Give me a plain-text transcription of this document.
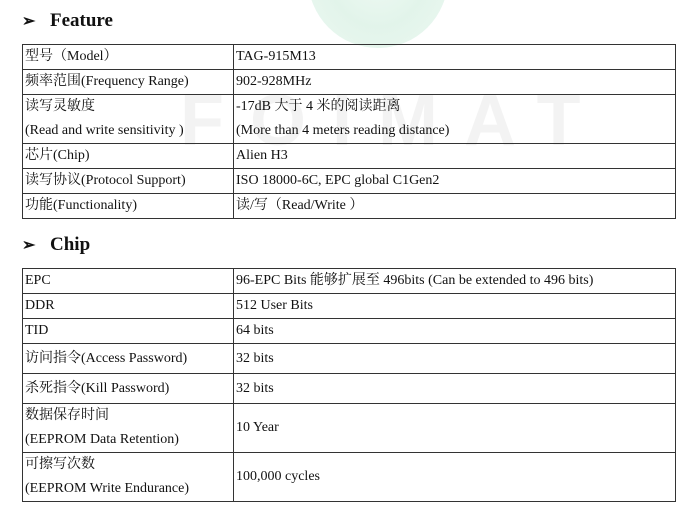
➢ Feature
型号（Model）	TAG-915M13

频率范围(Frequency Range)	902-928MHz

读写灵敏度
(Read and write sensitivity )	-17dB 大于 4 米的阅读距离
(More than 4 meters reading distance)

芯片(Chip)	Alien H3

读写协议(Protocol Support)	ISO 18000-6C, EPC global C1Gen2

功能(Functionality)	读/写（Read/Write ）
➢ Chip
EPC	96-EPC Bits 能够扩展至 496bits (Can be extended to 496 bits)

DDR	512 User Bits

TID	64 bits

访问指令(Access Password)	32 bits

杀死指令(Kill Password)	32 bits

数据保存时间
(EEPROM Data Retention)	10 Year

可擦写次数
(EEPROM Write Endurance)	100,000 cycles
